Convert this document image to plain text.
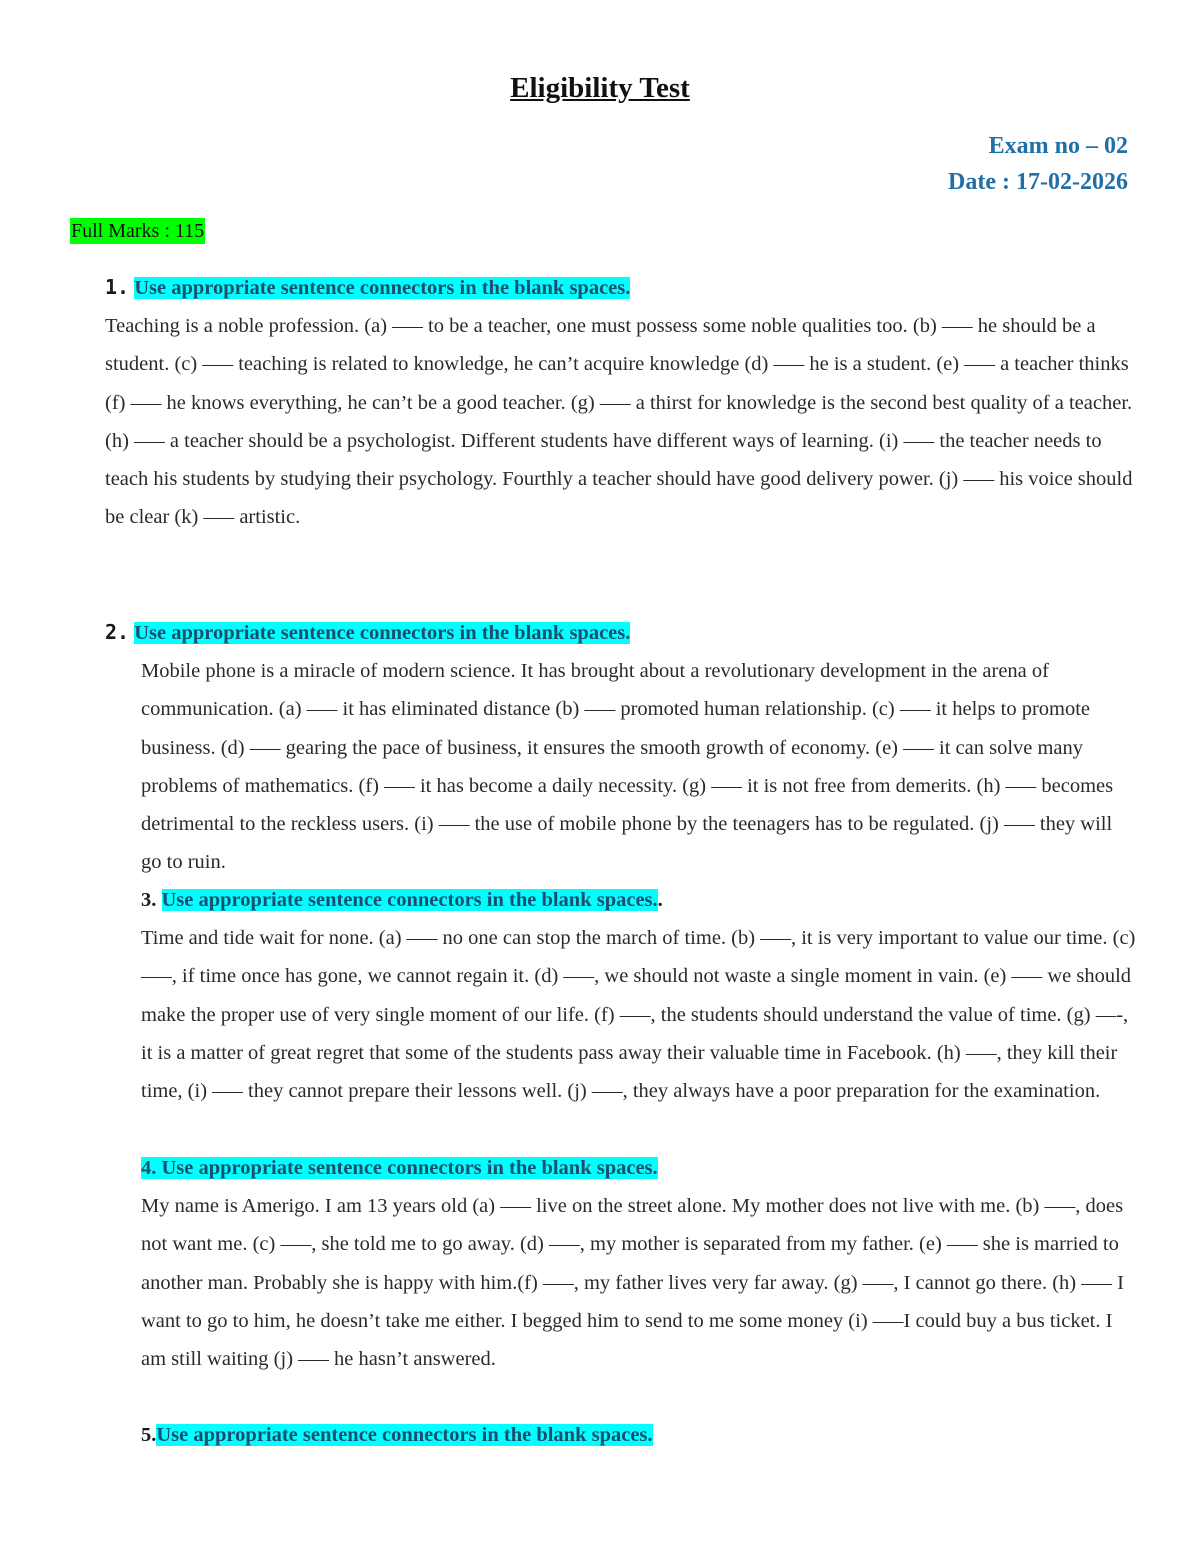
Eligibility Test
Exam no – 02
Date : 17-02-2026
Full Marks : 115
1. Use appropriate sentence connectors in the blank spaces.
Teaching is a noble profession. (a) ––– to be a teacher, one must possess some noble qualities too. (b) ––– he should be a student. (c) ––– teaching is related to knowledge, he can’t acquire knowledge (d) ––– he is a student. (e) ––– a teacher thinks (f) ––– he knows everything, he can’t be a good teacher. (g) ––– a thirst for knowledge is the second best quality of a teacher. (h) ––– a teacher should be a psychologist. Different students have different ways of learning. (i) ––– the teacher needs to teach his students by studying their psychology. Fourthly a teacher should have good delivery power. (j) ––– his voice should be clear (k) ––– artistic.
2. Use appropriate sentence connectors in the blank spaces.
Mobile phone is a miracle of modern science. It has brought about a revolutionary development in the arena of communication. (a) ––– it has eliminated distance (b) ––– promoted human relationship. (c) ––– it helps to promote business. (d) ––– gearing the pace of business, it ensures the smooth growth of economy. (e) ––– it can solve many problems of mathematics. (f) ––– it has become a daily necessity. (g) ––– it is not free from demerits. (h) ––– becomes detrimental to the reckless users. (i) ––– the use of mobile phone by the teenagers has to be regulated. (j) ––– they will go to ruin.
3. Use appropriate sentence connectors in the blank spaces..
Time and tide wait for none. (a) ––– no one can stop the march of time. (b) –––, it is very important to value our time. (c) –––, if time once has gone, we cannot regain it. (d) –––, we should not waste a single moment in vain. (e) ––– we should make the proper use of very single moment of our life. (f) –––, the students should understand the value of time. (g) ––-, it is a matter of great regret that some of the students pass away their valuable time in Facebook. (h) –––, they kill their time, (i) ––– they cannot prepare their lessons well. (j) –––, they always have a poor preparation for the examination.
4. Use appropriate sentence connectors in the blank spaces.
My name is Amerigo. I am 13 years old (a) ––– live on the street alone. My mother does not live with me. (b) –––, does not want me. (c) –––, she told me to go away. (d) –––, my mother is separated from my father. (e) ––– she is married to another man. Probably she is happy with him.(f) –––, my father lives very far away. (g) –––, I cannot go there. (h) ––– I want to go to him, he doesn’t take me either. I begged him to send to me some money (i) –––I could buy a bus ticket. I am still waiting (j) ––– he hasn’t answered.
5.Use appropriate sentence connectors in the blank spaces.
